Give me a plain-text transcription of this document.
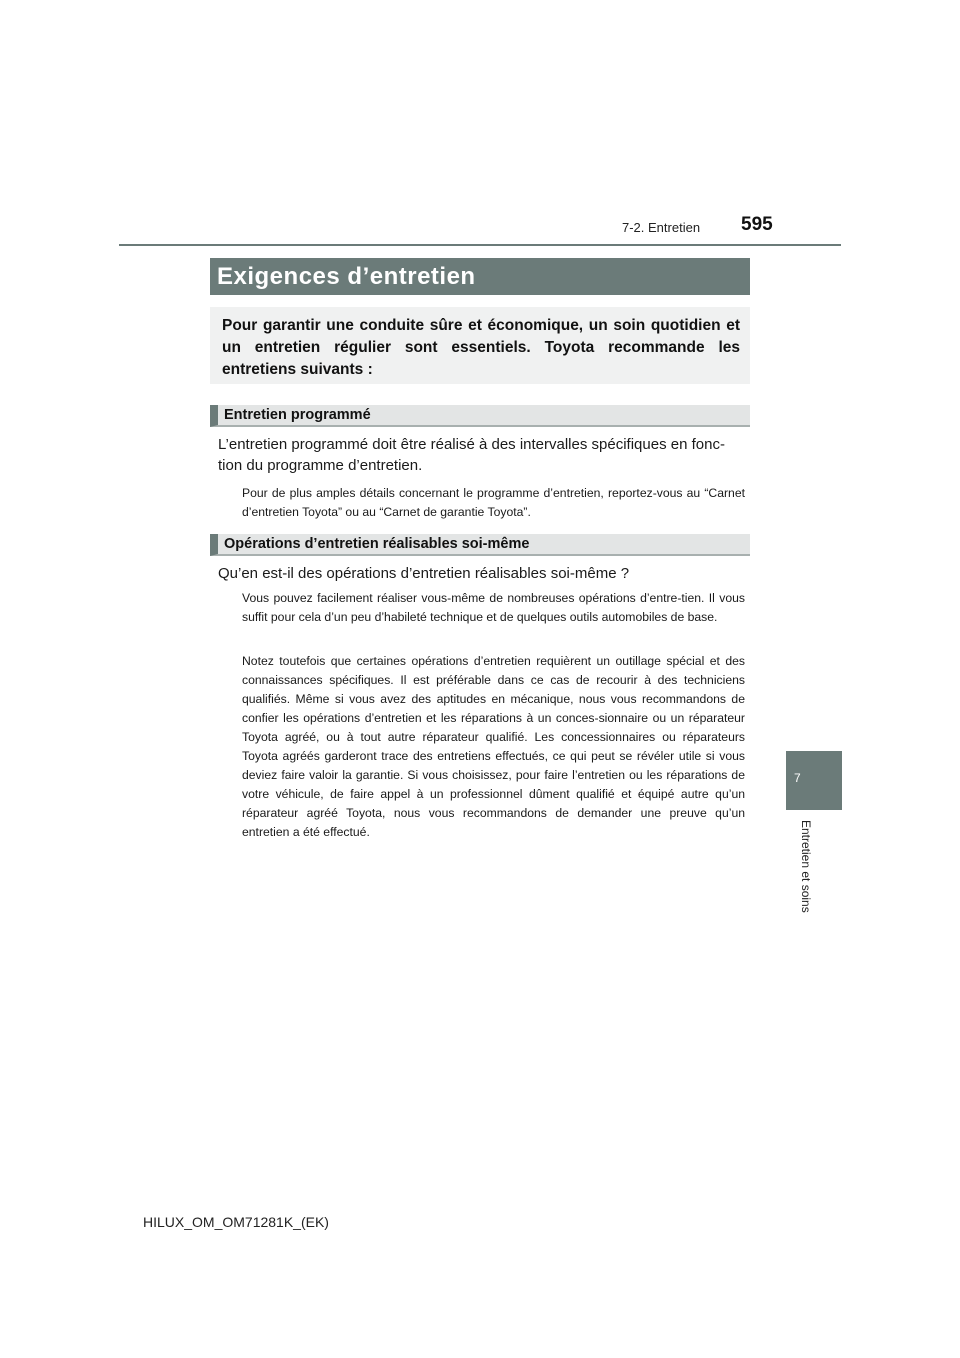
7-2. Entretien 595
Exigences d’entretien

Pour garantir une conduite sûre et économique, un soin quotidien et un entretien régulier sont essentiels. Toyota recommande les entretiens suivants :

Entretien programmé

L’entretien programmé doit être réalisé à des intervalles spécifiques en fonc-tion du programme d’entretien.

Pour de plus amples détails concernant le programme d’entretien, reportez-vous au “Carnet d’entretien Toyota” ou au “Carnet de garantie Toyota”.

Opérations d’entretien réalisables soi-même

Qu’en est-il des opérations d’entretien réalisables soi-même ?

Vous pouvez facilement réaliser vous-même de nombreuses opérations d’entre-tien. Il vous suffit pour cela d’un peu d’habileté technique et de quelques outils automobiles de base.

Notez toutefois que certaines opérations d’entretien requièrent un outillage spécial et des connaissances spécifiques. Il est préférable dans ce cas de recourir à des techniciens qualifiés. Même si vous avez des aptitudes en mécanique, nous vous recommandons de confier les opérations d’entretien et les réparations à un conces-sionnaire ou un réparateur Toyota agréé, ou à tout autre réparateur qualifié. Les concessionnaires ou réparateurs Toyota agréés garderont trace des entretiens effectués, ce qui peut se révéler utile si vous deviez faire valoir la garantie. Si vous choisissez, pour faire l’entretien ou les réparations de votre véhicule, de faire appel à un professionnel dûment qualifié et équipé autre qu’un réparateur agréé Toyota, nous vous recommandons de demander une preuve qu’un entretien a été effectué.

7
Entretien et soins
HILUX_OM_OM71281K_(EK)
